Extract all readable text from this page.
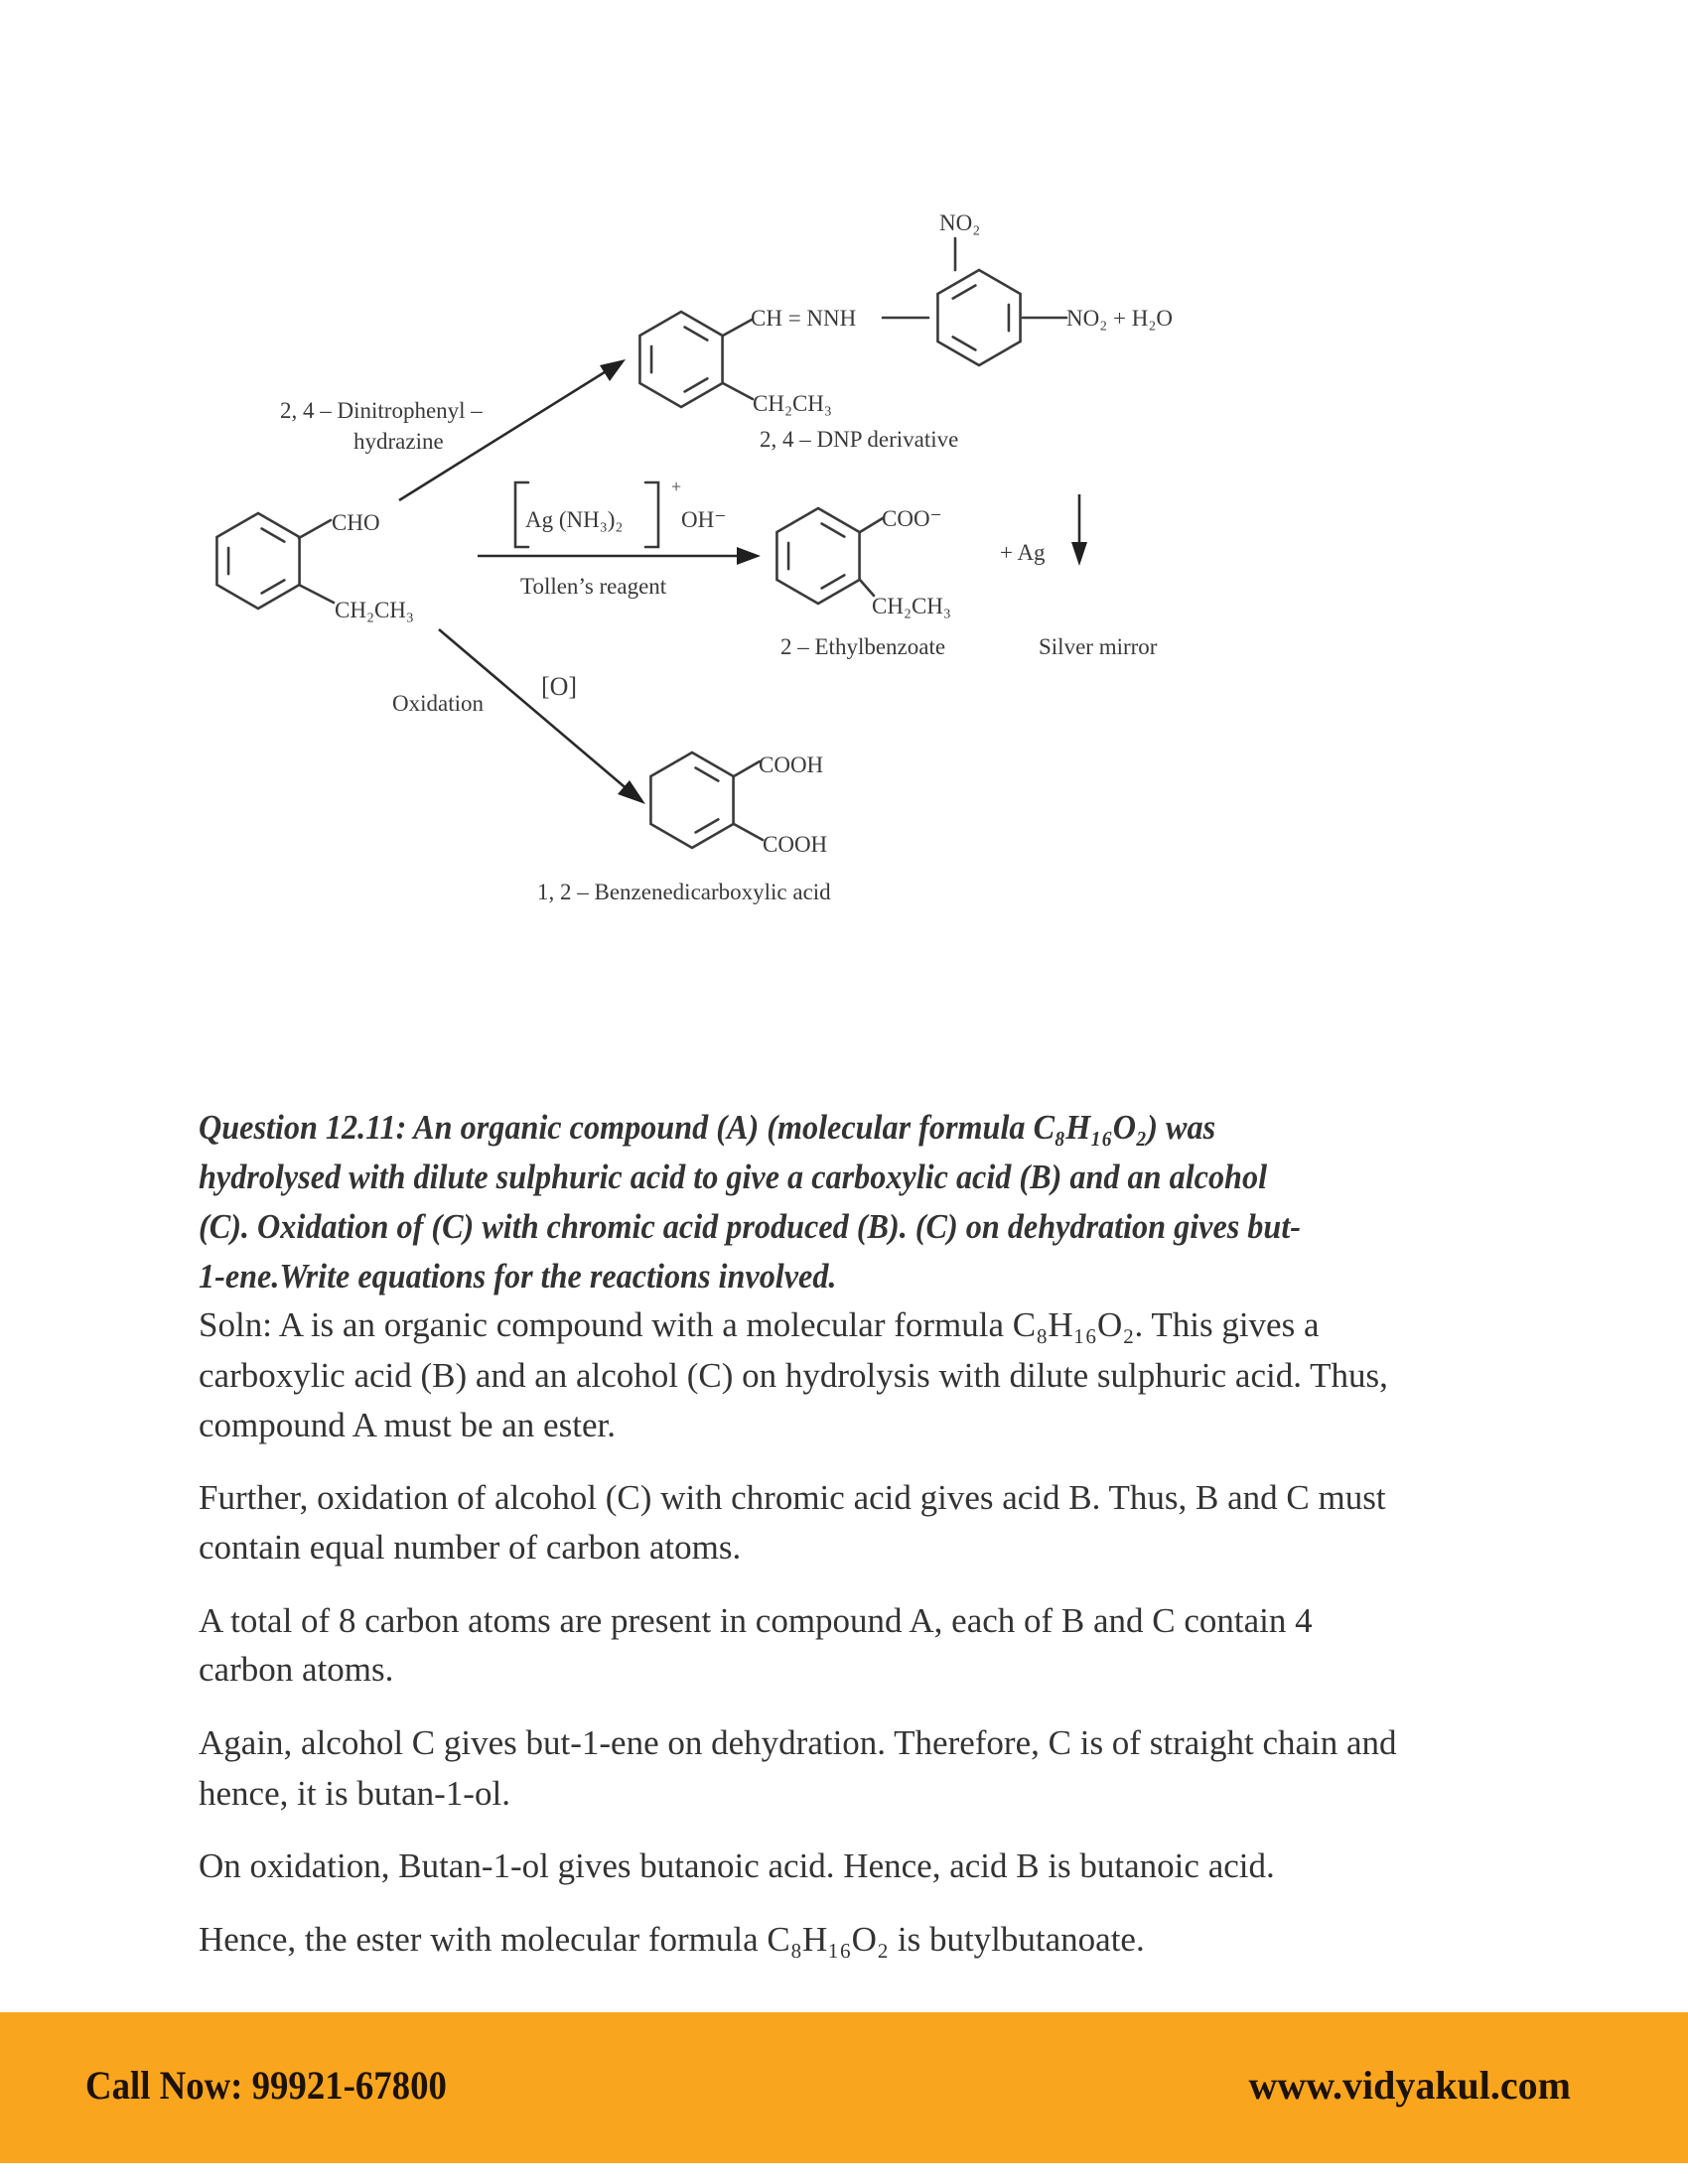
CHO
CH₂CH₃
2, 4 – Dinitrophenyl –
hydrazine
CH = NNH
NO₂
NO₂ + H₂O
CH₂CH₃
2, 4 – DNP derivative
Ag (NH₃)₂
+
OH⁻
Tollen’s reagent
COO⁻
CH₂CH₃
2 – Ethylbenzoate
+ Ag
Silver mirror
Oxidation
[O]
COOH
COOH
1, 2 – Benzenedicarboxylic acid
Question 12.11: An organic compound (A) (molecular formula C₈H₁₆O₂) was
hydrolysed with dilute sulphuric acid to give a carboxylic acid (B) and an alcohol
(C). Oxidation of (C) with chromic acid produced (B). (C) on dehydration gives but-
1-ene.Write equations for the reactions involved.
Soln: A is an organic compound with a molecular formula C₈H₁₆O₂. This gives a
carboxylic acid (B) and an alcohol (C) on hydrolysis with dilute sulphuric acid. Thus,
compound A must be an ester.
Further, oxidation of alcohol (C) with chromic acid gives acid B. Thus, B and C must
contain equal number of carbon atoms.
A total of 8 carbon atoms are present in compound A, each of B and C contain 4
carbon atoms.
Again, alcohol C gives but-1-ene on dehydration. Therefore, C is of straight chain and
hence, it is butan-1-ol.
On oxidation, Butan-1-ol gives butanoic acid. Hence, acid B is butanoic acid.
Hence, the ester with molecular formula C₈H₁₆O₂ is butylbutanoate.
Call Now: 99921-67800	www.vidyakul.com
